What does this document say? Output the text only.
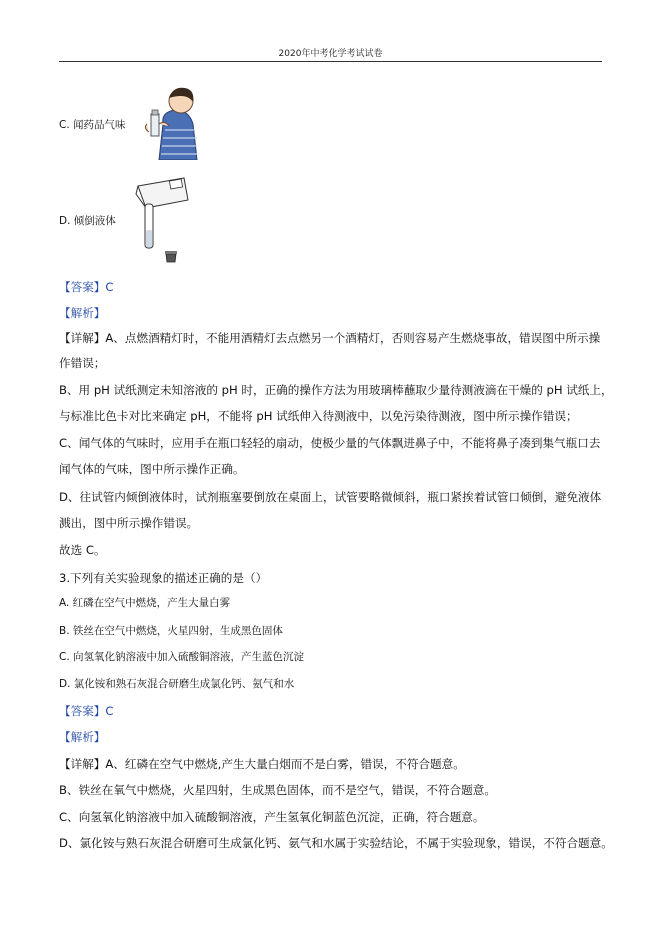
2020年中考化学考试试卷
C. 闻药品气味
D. 倾倒液体
【答案】C
【解析】
【详解】A、点燃酒精灯时，不能用酒精灯去点燃另一个酒精灯，否则容易产生燃烧事故，错误图中所示操
作错误；
B、用 pH 试纸测定未知溶液的 pH 时，正确的操作方法为用玻璃棒蘸取少量待测液滴在干燥的 pH 试纸上，
与标准比色卡对比来确定 pH，不能将 pH 试纸伸入待测液中，以免污染待测液，图中所示操作错误；
C、闻气体的气味时，应用手在瓶口轻轻的扇动，使极少量的气体飘进鼻子中，不能将鼻子凑到集气瓶口去
闻气体的气味，图中所示操作正确。
D、往试管内倾倒液体时，试剂瓶塞要倒放在桌面上，试管要略微倾斜，瓶口紧挨着试管口倾倒，避免液体
溅出，图中所示操作错误。
故选 C。
3.下列有关实验现象的描述正确的是（）
A. 红磷在空气中燃烧，产生大量白雾
B. 铁丝在空气中燃烧，火星四射，生成黑色固体
C. 向氢氧化钠溶液中加入硫酸铜溶液，产生蓝色沉淀
D. 氯化铵和熟石灰混合研磨生成氯化钙、氨气和水
【答案】C
【解析】
【详解】A、红磷在空气中燃烧,产生大量白烟而不是白雾，错误，不符合题意。
B、铁丝在氧气中燃烧，火星四射，生成黑色固体，而不是空气，错误，不符合题意。
C、向氢氧化钠溶液中加入硫酸铜溶液，产生氢氧化铜蓝色沉淀，正确，符合题意。
D、氯化铵与熟石灰混合研磨可生成氯化钙、氨气和水属于实验结论，不属于实验现象，错误，不符合题意。
